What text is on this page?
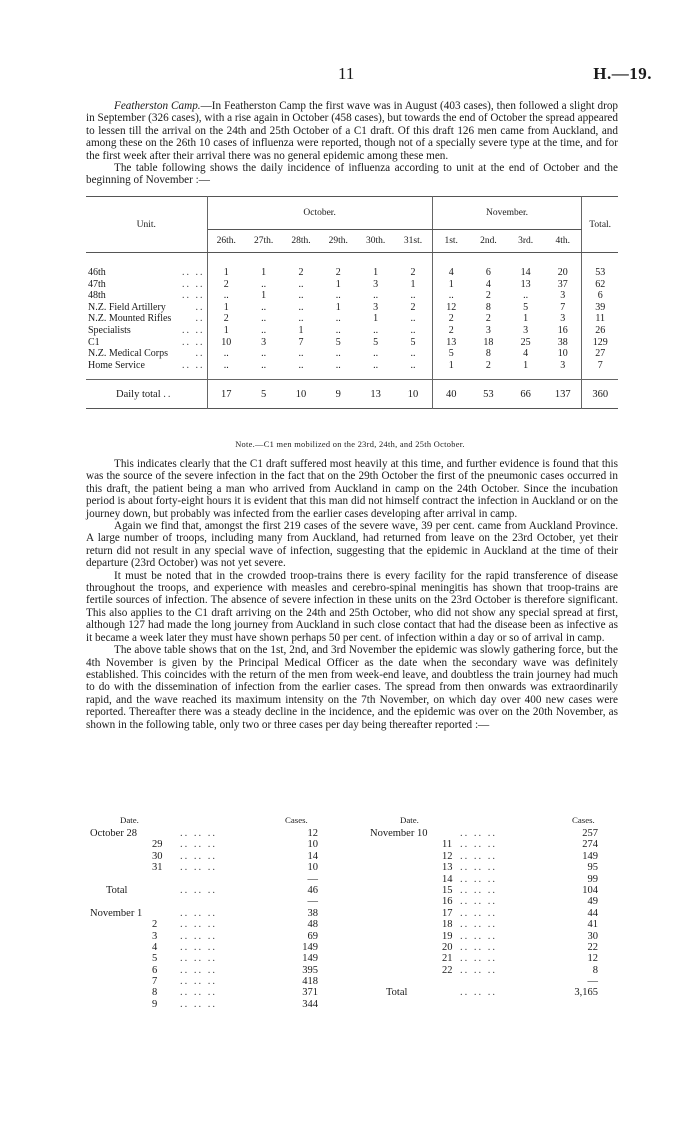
11	H.—19.

Featherston Camp.—In Featherston Camp the first wave was in August (403 cases), then followed a slight drop in September (326 cases), with a rise again in October (458 cases), but towards the end of October the spread appeared to lessen till the arrival on the 24th and 25th October of a C1 draft. Of this draft 126 men came from Auckland, and among these on the 26th 10 cases of influenza were reported, though not of a specially severe type at the time, and for the first week after their arrival there was no general epidemic among these men.

The table following shows the daily incidence of influenza according to unit at the end of October and the beginning of November :—

Unit.	October.						November.				Total.
	26th.	27th.	28th.	29th.	30th.	31st.	1st.	2nd.	3rd.	4th.	
46th .. ..	1	1	2	2	1	2	4	6	14	20	53
47th .. ..	2	..	..	1	3	1	1	4	13	37	62
48th .. ..	..	1	..	..	..	..	..	2	..	3	6
N.Z. Field Artillery ..	1	..	..	1	3	2	12	8	5	7	39
N.Z. Mounted Rifles ..	2	..	..	..	1	..	2	2	1	3	11
Specialists .. ..	1	..	1	..	..	..	2	3	3	16	26
C1 .. ..	10	3	7	5	5	5	13	18	25	38	129
N.Z. Medical Corps ..	..	..	..	..	..	..	5	8	4	10	27
Home Service .. ..	..	..	..	..	..	..	1	2	1	3	7
Daily total ..	17	5	10	9	13	10	40	53	66	137	360
Note.—C1 men mobilized on the 23rd, 24th, and 25th October.

This indicates clearly that the C1 draft suffered most heavily at this time, and further evidence is found that this was the source of the severe infection in the fact that on the 29th October the first of the pneumonic cases occurred in this draft, the patient being a man who arrived from Auckland in camp on the 24th October. Since the incubation period is about forty-eight hours it is evident that this man did not himself contract the infection in Auckland or on the journey down, but probably was infected from the earlier cases developing after arrival in camp.

Again we find that, amongst the first 219 cases of the severe wave, 39 per cent. came from Auckland Province. A large number of troops, including many from Auckland, had returned from leave on the 23rd October, yet their return did not result in any special wave of infection, suggesting that the epidemic in Auckland at the time of their departure (23rd October) was not yet severe.

It must be noted that in the crowded troop-trains there is every facility for the rapid transference of disease throughout the troops, and experience with measles and cerebro-spinal meningitis has shown that troop-trains are fertile sources of infection. The absence of severe infection in these units on the 23rd October is therefore significant. This also applies to the C1 draft arriving on the 24th and 25th October, who did not show any special spread at first, although 127 had made the long journey from Auckland in such close contact that had the disease been as infective as it became a week later they must have shown perhaps 50 per cent. of infection within a day or so of arrival in camp.

The above table shows that on the 1st, 2nd, and 3rd November the epidemic was slowly gathering force, but the 4th November is given by the Principal Medical Officer as the date when the secondary wave was definitely established. This coincides with the return of the men from week-end leave, and doubtless the train journey had much to do with the dissemination of infection from the earlier cases. The spread from then onwards was extraordinarily rapid, and the wave reached its maximum intensity on the 7th November, on which day over 400 new cases were reported. Thereafter there was a steady decline in the incidence, and the epidemic was over on the 20th November, as shown in the following table, only two or three cases per day being thereafter reported :—

Date.	Cases.
October 28	.. .. ..	12
29 .. .. ..	10
30 .. .. ..	14
31 .. .. ..	10
—
Total	.. .. ..	46
—
November 1	.. .. ..	38
2 .. .. ..	48
3 .. .. ..	69
4 .. .. ..	149
5 .. .. ..	149
6 .. .. ..	395
7 .. .. ..	418
8 .. .. ..	371
9 .. .. ..	344
Date.	Cases.
November 10	.. .. ..	257
11 .. .. ..	274
12 .. .. ..	149
13 .. .. ..	95
14 .. .. ..	99
15 .. .. ..	104
16 .. .. ..	49
17 .. .. ..	44
18 .. .. ..	41
19 .. .. ..	30
20 .. .. ..	22
21 .. .. ..	12
22 .. .. ..	8
—
Total	.. .. ..	3,165
